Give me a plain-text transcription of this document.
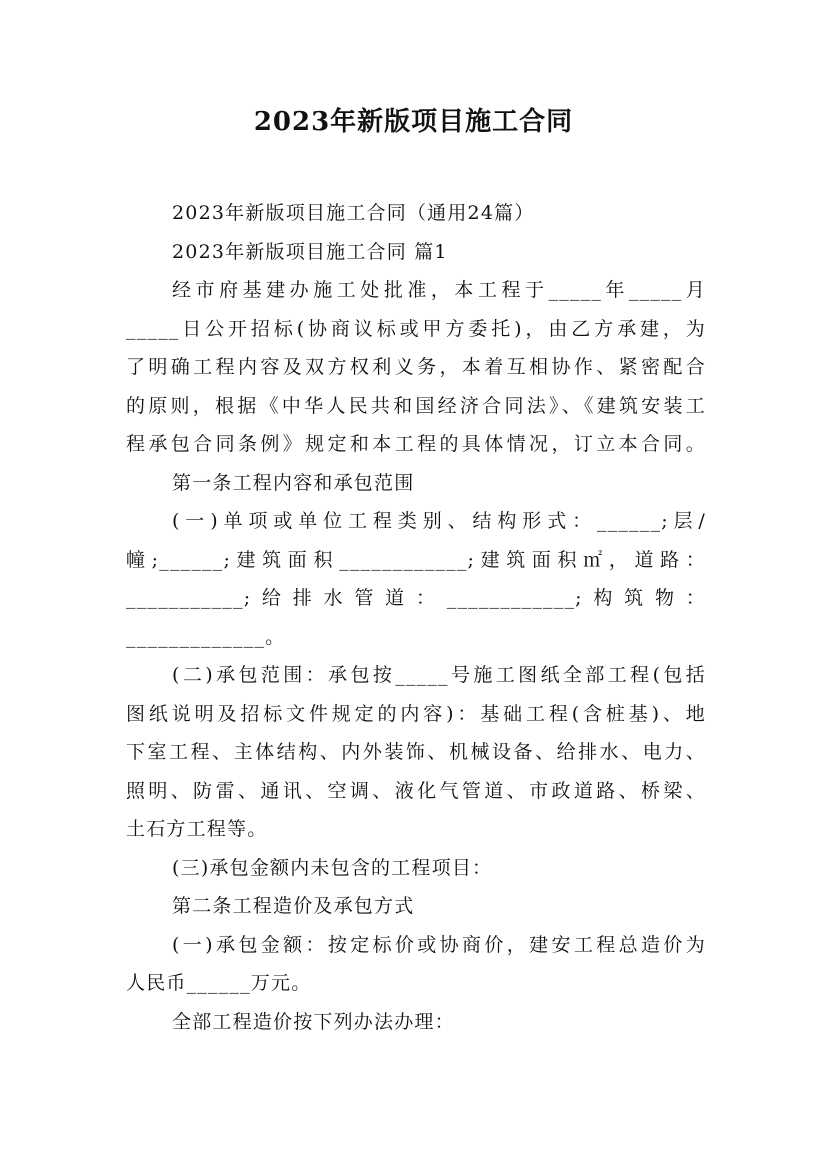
2023年新版项目施工合同
2023年新版项目施工合同（通用24篇）
2023年新版项目施工合同 篇1
经市府基建办施工处批准，本工程于_____年_____月
_____日公开招标(协商议标或甲方委托)，由乙方承建，为
了明确工程内容及双方权利义务，本着互相协作、紧密配合
的原则，根据《中华人民共和国经济合同法》、《建筑安装工
程承包合同条例》规定和本工程的具体情况，订立本合同。
第一条工程内容和承包范围
(一)单项或单位工程类别、结构形式：______;层/
幢;______;建筑面积____________;建筑面积㎡，道路：
___________;给排水管道：____________;构筑物：
_____________。
(二)承包范围：承包按_____号施工图纸全部工程(包括
图纸说明及招标文件规定的内容)：基础工程(含桩基)、地
下室工程、主体结构、内外装饰、机械设备、给排水、电力、
照明、防雷、通讯、空调、液化气管道、市政道路、桥梁、
土石方工程等。
(三)承包金额内未包含的工程项目：
第二条工程造价及承包方式
(一)承包金额：按定标价或协商价，建安工程总造价为
人民币______万元。
全部工程造价按下列办法办理：
